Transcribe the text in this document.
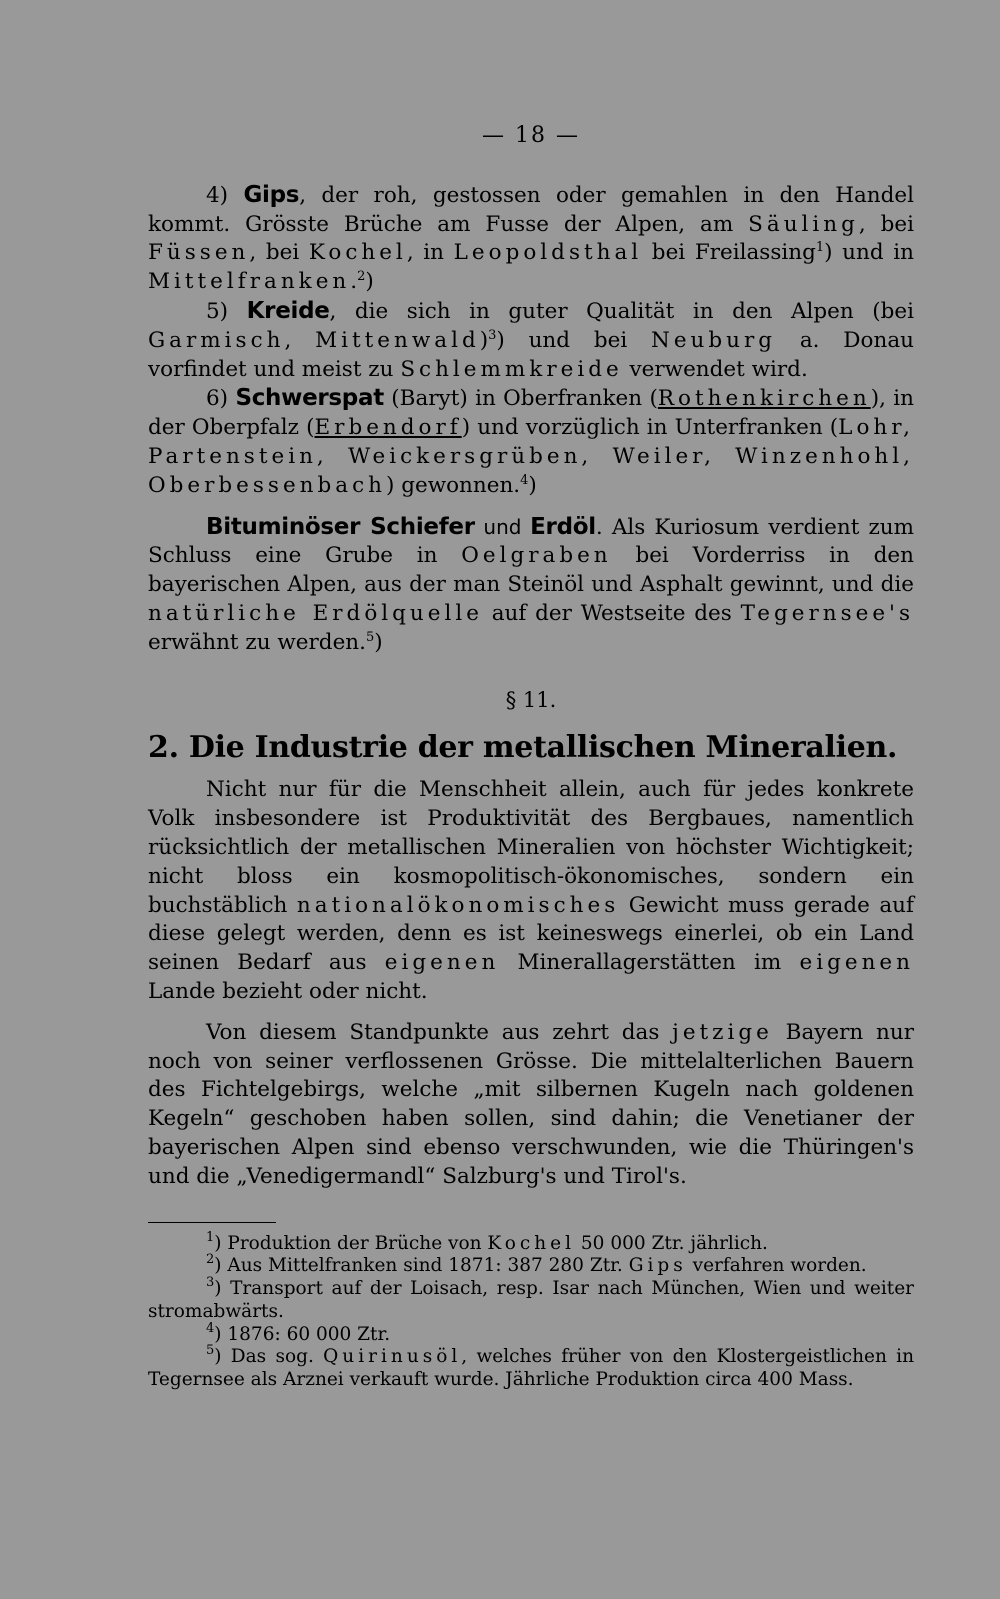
— 18 —

4) Gips, der roh, gestossen oder gemahlen in den Handel kommt. Grösste Brüche am Fusse der Alpen, am Säuling, bei Füssen, bei Kochel, in Leopoldsthal bei Freilassing$^1$) und in Mittelfranken.$^2$)

5) Kreide, die sich in guter Qualität in den Alpen (bei Garmisch, Mittenwald)$^3$) und bei Neuburg a. Donau vorfindet und meist zu Schlemmkreide verwendet wird.

6) Schwerspat (Baryt) in Oberfranken (Rothenkirchen), in der Oberpfalz (Erbendorf) und vorzüglich in Unterfranken (Lohr, Partenstein, Weickersgrüben, Weiler, Winzenhohl, Oberbessenbach) gewonnen.$^4$)

Bituminöser Schiefer und Erdöl. Als Kuriosum verdient zum Schluss eine Grube in Oelgraben bei Vorderriss in den bayerischen Alpen, aus der man Steinöl und Asphalt gewinnt, und die natürliche Erdölquelle auf der Westseite des Tegernsee's erwähnt zu werden.$^5$)

§ 11.
2. Die Industrie der metallischen Mineralien.

Nicht nur für die Menschheit allein, auch für jedes konkrete Volk insbesondere ist Produktivität des Bergbaues, namentlich rücksichtlich der metallischen Mineralien von höchster Wichtigkeit; nicht bloss ein kosmopolitisch-ökonomisches, sondern ein buchstäblich nationalökonomisches Gewicht muss gerade auf diese gelegt werden, denn es ist keineswegs einerlei, ob ein Land seinen Bedarf aus eigenen Minerallagerstätten im eigenen Lande bezieht oder nicht.

Von diesem Standpunkte aus zehrt das jetzige Bayern nur noch von seiner verflossenen Grösse. Die mittelalterlichen Bauern des Fichtelgebirgs, welche „mit silbernen Kugeln nach goldenen Kegeln“ geschoben haben sollen, sind dahin; die Venetianer der bayerischen Alpen sind ebenso verschwunden, wie die Thüringen's und die „Venedigermandl“ Salzburg's und Tirol's.

$^1$) Produktion der Brüche von Kochel 50 000 Ztr. jährlich.

$^2$) Aus Mittelfranken sind 1871: 387 280 Ztr. Gips verfahren worden.

$^3$) Transport auf der Loisach, resp. Isar nach München, Wien und weiter stromabwärts.

$^4$) 1876: 60 000 Ztr.

$^5$) Das sog. Quirinusöl, welches früher von den Klostergeistlichen in Tegernsee als Arznei verkauft wurde. Jährliche Produktion circa 400 Mass.
